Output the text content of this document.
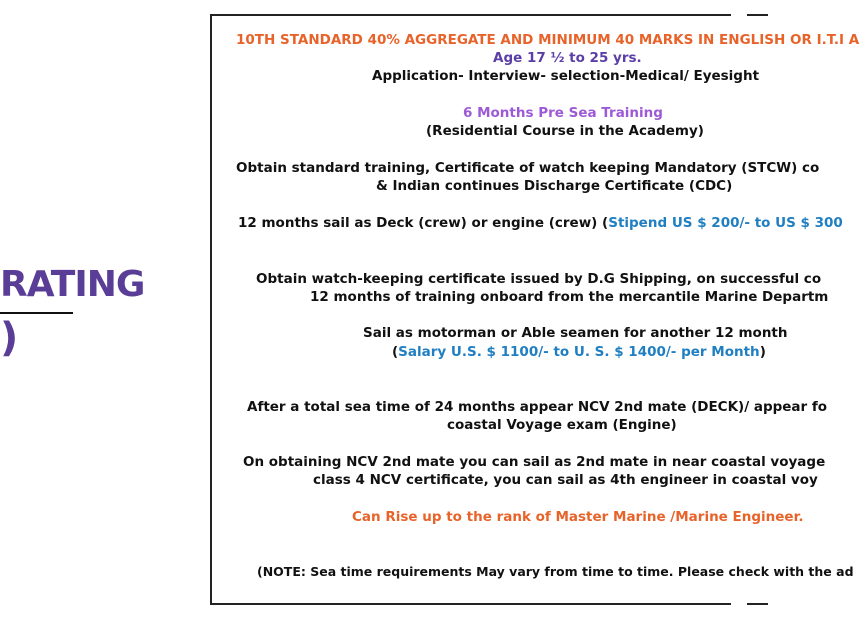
RATING
)
10TH STANDARD 40% AGGREGATE AND MINIMUM 40 MARKS IN ENGLISH OR I.T.I A
Age 17 ½ to 25 yrs.
Application- Interview- selection-Medical/ Eyesight
6 Months Pre Sea Training
(Residential Course in the Academy)
Obtain standard training, Certificate of watch keeping Mandatory (STCW) co
& Indian continues Discharge Certificate (CDC)
12 months sail as Deck (crew) or engine (crew) (Stipend US $ 200/- to US $ 300
Obtain watch-keeping certificate issued by D.G Shipping, on successful co
12 months of training onboard from the mercantile Marine Departm
Sail as motorman or Able seamen for another 12 month
(Salary U.S. $ 1100/- to U. S. $ 1400/- per Month)
After a total sea time of 24 months appear NCV 2nd mate (DECK)/ appear fo
coastal Voyage exam (Engine)
On obtaining NCV 2nd mate you can sail as 2nd mate in near coastal voyage
class 4 NCV certificate, you can sail as 4th engineer in coastal voy
Can Rise up to the rank of Master Marine /Marine Engineer.
(NOTE: Sea time requirements May vary from time to time. Please check with the ad
